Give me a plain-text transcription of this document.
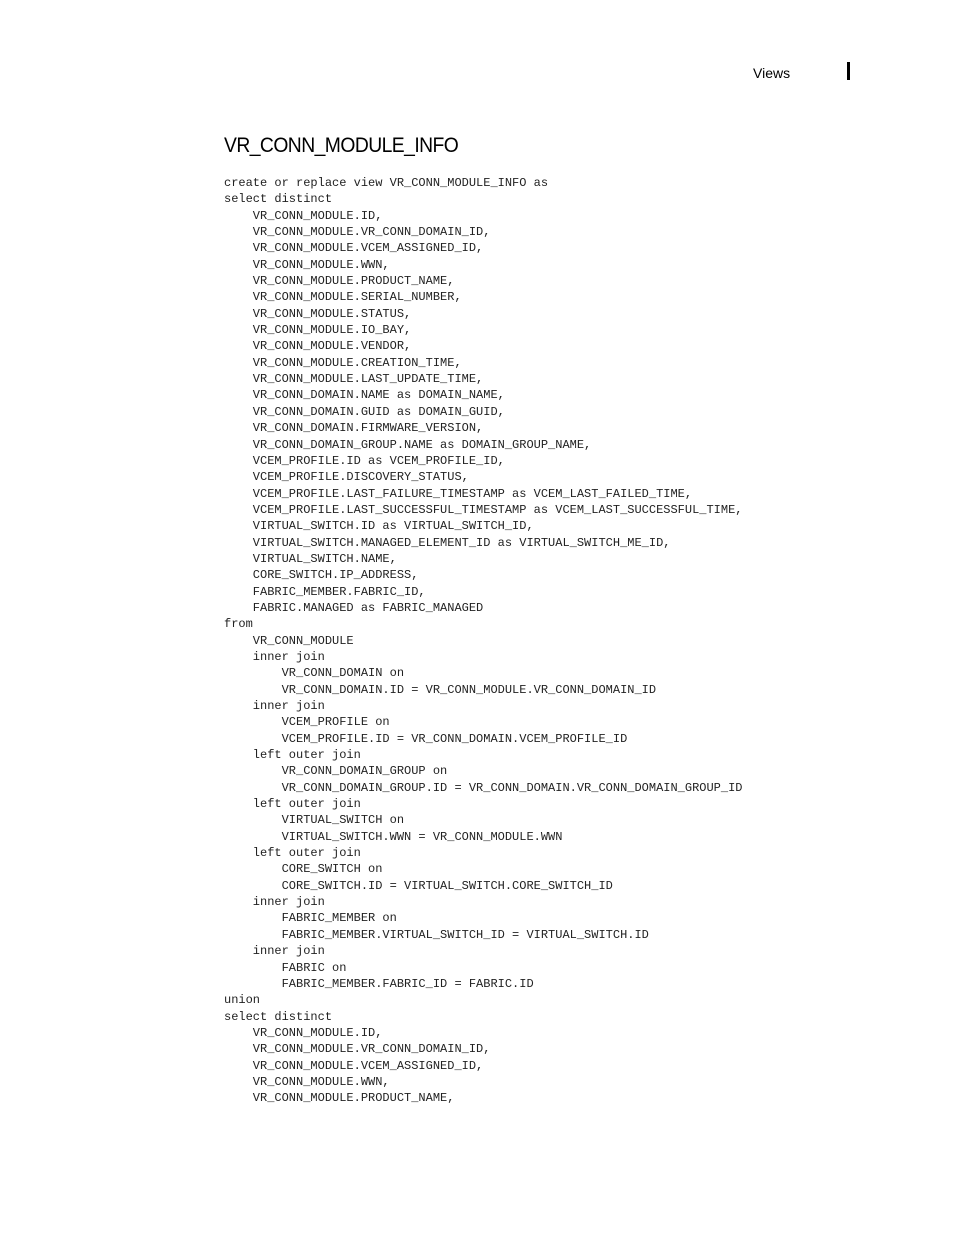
Views
VR_CONN_MODULE_INFO
create or replace view VR_CONN_MODULE_INFO as
select distinct
VR_CONN_MODULE.ID,
VR_CONN_MODULE.VR_CONN_DOMAIN_ID,
VR_CONN_MODULE.VCEM_ASSIGNED_ID,
VR_CONN_MODULE.WWN,
VR_CONN_MODULE.PRODUCT_NAME,
VR_CONN_MODULE.SERIAL_NUMBER,
VR_CONN_MODULE.STATUS,
VR_CONN_MODULE.IO_BAY,
VR_CONN_MODULE.VENDOR,
VR_CONN_MODULE.CREATION_TIME,
VR_CONN_MODULE.LAST_UPDATE_TIME,
VR_CONN_DOMAIN.NAME as DOMAIN_NAME,
VR_CONN_DOMAIN.GUID as DOMAIN_GUID,
VR_CONN_DOMAIN.FIRMWARE_VERSION,
VR_CONN_DOMAIN_GROUP.NAME as DOMAIN_GROUP_NAME,
VCEM_PROFILE.ID as VCEM_PROFILE_ID,
VCEM_PROFILE.DISCOVERY_STATUS,
VCEM_PROFILE.LAST_FAILURE_TIMESTAMP as VCEM_LAST_FAILED_TIME,
VCEM_PROFILE.LAST_SUCCESSFUL_TIMESTAMP as VCEM_LAST_SUCCESSFUL_TIME,
VIRTUAL_SWITCH.ID as VIRTUAL_SWITCH_ID,
VIRTUAL_SWITCH.MANAGED_ELEMENT_ID as VIRTUAL_SWITCH_ME_ID,
VIRTUAL_SWITCH.NAME,
CORE_SWITCH.IP_ADDRESS,
FABRIC_MEMBER.FABRIC_ID,
FABRIC.MANAGED as FABRIC_MANAGED
from
VR_CONN_MODULE
inner join
VR_CONN_DOMAIN on
VR_CONN_DOMAIN.ID = VR_CONN_MODULE.VR_CONN_DOMAIN_ID
inner join
VCEM_PROFILE on
VCEM_PROFILE.ID = VR_CONN_DOMAIN.VCEM_PROFILE_ID
left outer join
VR_CONN_DOMAIN_GROUP on
VR_CONN_DOMAIN_GROUP.ID = VR_CONN_DOMAIN.VR_CONN_DOMAIN_GROUP_ID
left outer join
VIRTUAL_SWITCH on
VIRTUAL_SWITCH.WWN = VR_CONN_MODULE.WWN
left outer join
CORE_SWITCH on
CORE_SWITCH.ID = VIRTUAL_SWITCH.CORE_SWITCH_ID
inner join
FABRIC_MEMBER on
FABRIC_MEMBER.VIRTUAL_SWITCH_ID = VIRTUAL_SWITCH.ID
inner join
FABRIC on
FABRIC_MEMBER.FABRIC_ID = FABRIC.ID
union
select distinct
VR_CONN_MODULE.ID,
VR_CONN_MODULE.VR_CONN_DOMAIN_ID,
VR_CONN_MODULE.VCEM_ASSIGNED_ID,
VR_CONN_MODULE.WWN,
VR_CONN_MODULE.PRODUCT_NAME,
